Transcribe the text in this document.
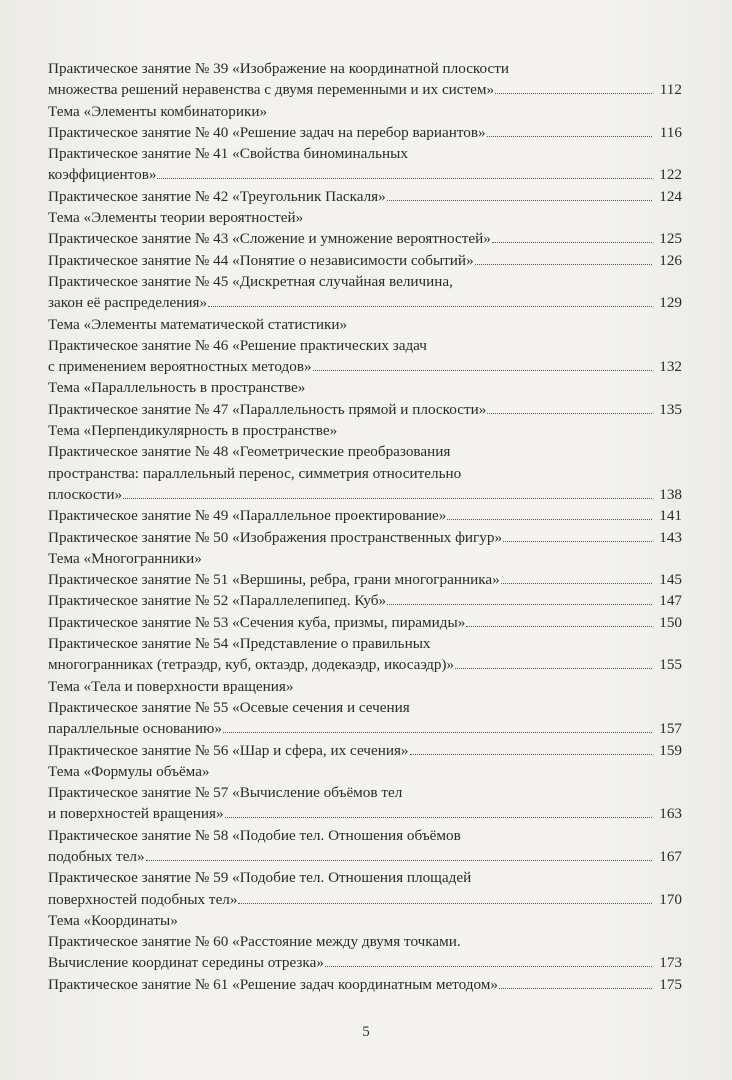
Практическое занятие № 39 «Изображение на координатной плоскости
множества решений неравенства с двумя переменными и их систем»	112
Тема «Элементы комбинаторики»
Практическое занятие № 40 «Решение задач на перебор вариантов»	116
Практическое занятие № 41 «Свойства биноминальных
коэффициентов»	122
Практическое занятие № 42 «Треугольник Паскаля»	124
Тема «Элементы теории вероятностей»
Практическое занятие № 43 «Сложение и умножение вероятностей»	125
Практическое занятие № 44 «Понятие о независимости событий»	126
Практическое занятие № 45 «Дискретная случайная величина,
закон её распределения»	129
Тема «Элементы математической статистики»
Практическое занятие № 46 «Решение практических задач
с применением вероятностных методов»	132
Тема «Параллельность в пространстве»
Практическое занятие № 47 «Параллельность прямой и плоскости»	135
Тема «Перпендикулярность в пространстве»
Практическое занятие № 48 «Геометрические преобразования
пространства: параллельный перенос, симметрия относительно
плоскости»	138
Практическое занятие № 49 «Параллельное проектирование»	141
Практическое занятие № 50 «Изображения пространственных фигур»	143
Тема «Многогранники»
Практическое занятие № 51 «Вершины, ребра, грани многогранника»	145
Практическое занятие № 52 «Параллелепипед. Куб»	147
Практическое занятие № 53 «Сечения куба, призмы, пирамиды»	150
Практическое занятие № 54 «Представление о правильных
многогранниках (тетраэдр, куб, октаэдр, додекаэдр, икосаэдр)»	155
Тема «Тела и поверхности вращения»
Практическое занятие № 55 «Осевые сечения и сечения
параллельные основанию»	157
Практическое занятие № 56 «Шар и сфера, их сечения»	159
Тема «Формулы объёма»
Практическое занятие № 57 «Вычисление объёмов тел
и поверхностей вращения»	163
Практическое занятие № 58 «Подобие тел. Отношения объёмов
подобных тел»	167
Практическое занятие № 59 «Подобие тел. Отношения площадей
поверхностей подобных тел»	170
Тема «Координаты»
Практическое занятие № 60 «Расстояние между двумя точками.
Вычисление координат середины отрезка»	173
Практическое занятие № 61 «Решение задач координатным методом»	175
5
